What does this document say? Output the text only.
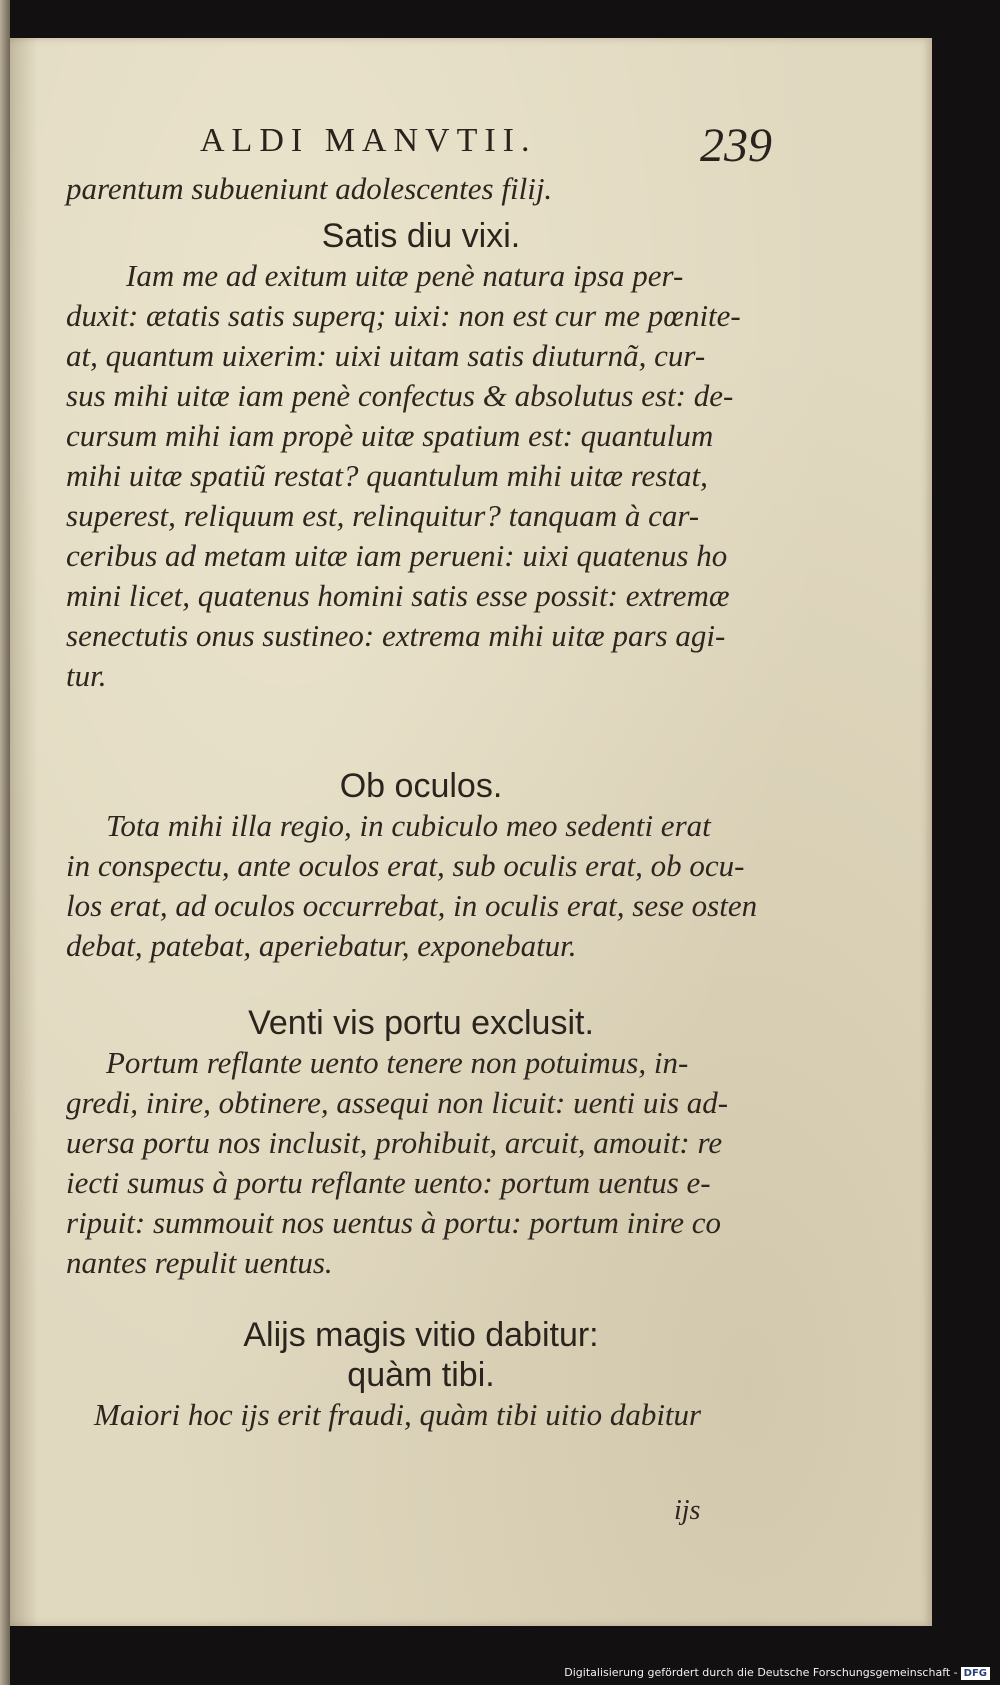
ALDI MANVTII.	239
parentum subueniunt adolescentes filij.
Satis diu vixi.
Iam me ad exitum uitæ penè natura ipsa per-
duxit: ætatis satis superq; uixi: non est cur me pœnite-
at, quantum uixerim: uixi uitam satis diuturnã, cur-
sus mihi uitæ iam penè confectus & absolutus est: de-
cursum mihi iam propè uitæ spatium est: quantulum
mihi uitæ spatiũ restat? quantulum mihi uitæ restat,
superest, reliquum est, relinquitur? tanquam à car-
ceribus ad metam uitæ iam perueni: uixi quatenus ho
mini licet, quatenus homini satis esse possit: extremæ
senectutis onus sustineo: extrema mihi uitæ pars agi-
tur.
Ob oculos.
Tota mihi illa regio, in cubiculo meo sedenti erat
in conspectu, ante oculos erat, sub oculis erat, ob ocu-
los erat, ad oculos occurrebat, in oculis erat, sese osten
debat, patebat, aperiebatur, exponebatur.
Venti vis portu exclusit.
Portum reflante uento tenere non potuimus, in-
gredi, inire, obtinere, assequi non licuit: uenti uis ad-
uersa portu nos inclusit, prohibuit, arcuit, amouit: re
iecti sumus à portu reflante uento: portum uentus e-
ripuit: summouit nos uentus à portu: portum inire co
nantes repulit uentus.
Alijs magis vitio dabitur:
quàm tibi.
Maiori hoc ijs erit fraudi, quàm tibi uitio dabitur
ijs
Digitalisierung gefördert durch die Deutsche Forschungsgemeinschaft - DFG
